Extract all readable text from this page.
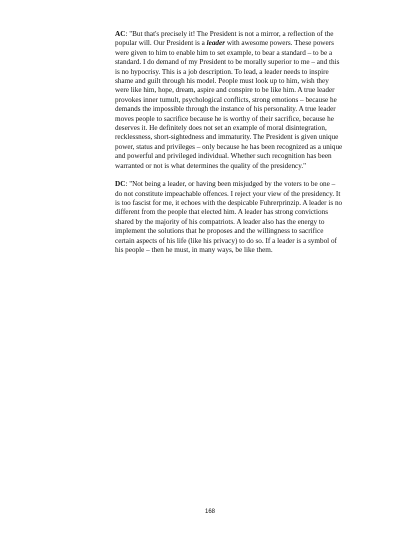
AC: "But that's precisely it! The President is not a mirror, a reflection of the popular will. Our President is a leader with awesome powers. These powers were given to him to enable him to set example, to bear a standard – to be a standard. I do demand of my President to be morally superior to me – and this is no hypocrisy. This is a job description. To lead, a leader needs to inspire shame and guilt through his model. People must look up to him, wish they were like him, hope, dream, aspire and conspire to be like him. A true leader provokes inner tumult, psychological conflicts, strong emotions – because he demands the impossible through the instance of his personality. A true leader moves people to sacrifice because he is worthy of their sacrifice, because he deserves it. He definitely does not set an example of moral disintegration, recklessness, short-sightedness and immaturity. The President is given unique power, status and privileges – only because he has been recognized as a unique and powerful and privileged individual. Whether such recognition has been warranted or not is what determines the quality of the presidency."

DC: "Not being a leader, or having been misjudged by the voters to be one – do not constitute impeachable offences. I reject your view of the presidency. It is too fascist for me, it echoes with the despicable Fuhrerprinzip. A leader is no different from the people that elected him. A leader has strong convictions shared by the majority of his compatriots. A leader also has the energy to implement the solutions that he proposes and the willingness to sacrifice certain aspects of his life (like his privacy) to do so. If a leader is a symbol of his people – then he must, in many ways, be like them.

168
